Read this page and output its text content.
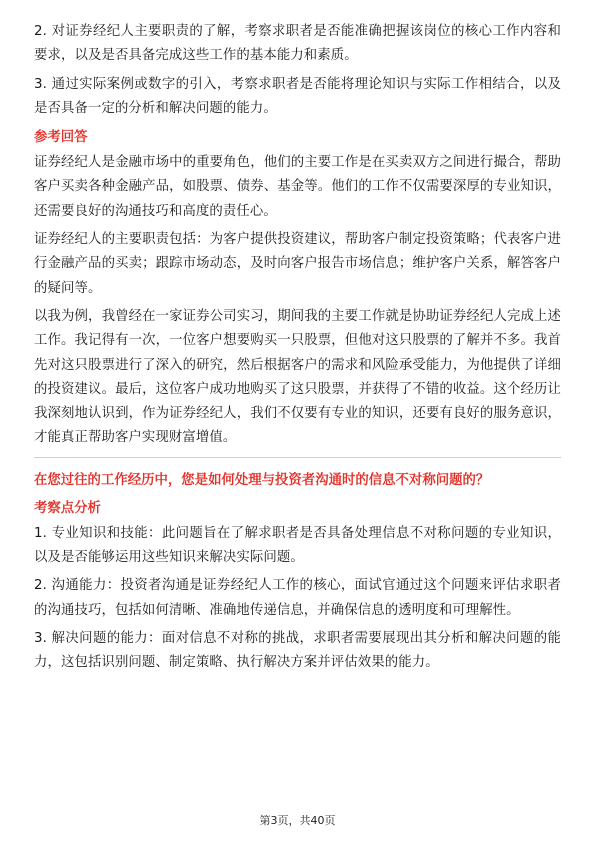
2. 对证券经纪人主要职责的了解，考察求职者是否能准确把握该岗位的核心工作内容和要求，以及是否具备完成这些工作的基本能力和素质。

3. 通过实际案例或数字的引入，考察求职者是否能将理论知识与实际工作相结合，以及是否具备一定的分析和解决问题的能力。

参考回答

证券经纪人是金融市场中的重要角色，他们的主要工作是在买卖双方之间进行撮合，帮助客户买卖各种金融产品，如股票、债券、基金等。他们的工作不仅需要深厚的专业知识，还需要良好的沟通技巧和高度的责任心。

证券经纪人的主要职责包括：为客户提供投资建议，帮助客户制定投资策略；代表客户进行金融产品的买卖；跟踪市场动态，及时向客户报告市场信息；维护客户关系，解答客户的疑问等。

以我为例，我曾经在一家证券公司实习，期间我的主要工作就是协助证券经纪人完成上述工作。我记得有一次，一位客户想要购买一只股票，但他对这只股票的了解并不多。我首先对这只股票进行了深入的研究，然后根据客户的需求和风险承受能力，为他提供了详细的投资建议。最后，这位客户成功地购买了这只股票，并获得了不错的收益。这个经历让我深刻地认识到，作为证券经纪人，我们不仅要有专业的知识，还要有良好的服务意识，才能真正帮助客户实现财富增值。

在您过往的工作经历中，您是如何处理与投资者沟通时的信息不对称问题的？
考察点分析

1. 专业知识和技能：此问题旨在了解求职者是否具备处理信息不对称问题的专业知识，以及是否能够运用这些知识来解决实际问题。

2. 沟通能力：投资者沟通是证券经纪人工作的核心，面试官通过这个问题来评估求职者的沟通技巧，包括如何清晰、准确地传递信息，并确保信息的透明度和可理解性。

3. 解决问题的能力：面对信息不对称的挑战，求职者需要展现出其分析和解决问题的能力，这包括识别问题、制定策略、执行解决方案并评估效果的能力。

第3页，共40页
